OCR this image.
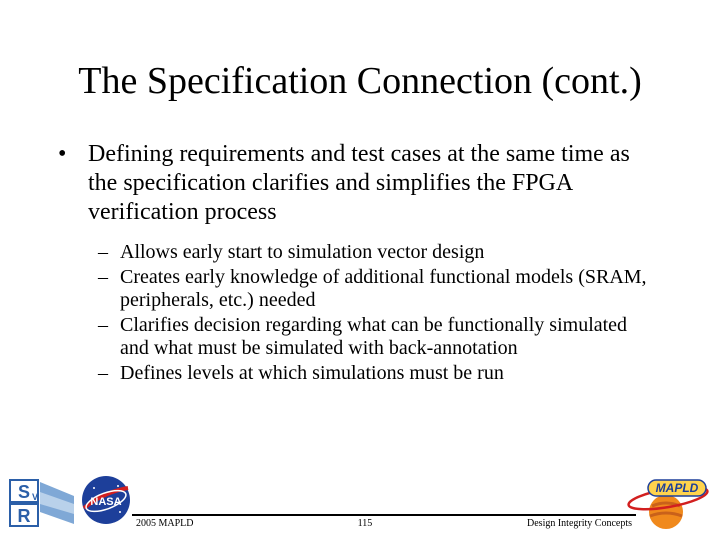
The Specification Connection (cont.)
• Defining requirements and test cases at the same time as the specification clarifies and simplifies the FPGA verification process
– Allows early start to simulation vector design
– Creates early knowledge of additional functional models (SRAM, peripherals, etc.) needed
– Clarifies decision regarding what can be functionally simulated and what must be simulated with back-annotation
– Defines levels at which simulations must be run
S V
R
NASA
MAPLD
2005 MAPLD	115	Design Integrity Concepts
